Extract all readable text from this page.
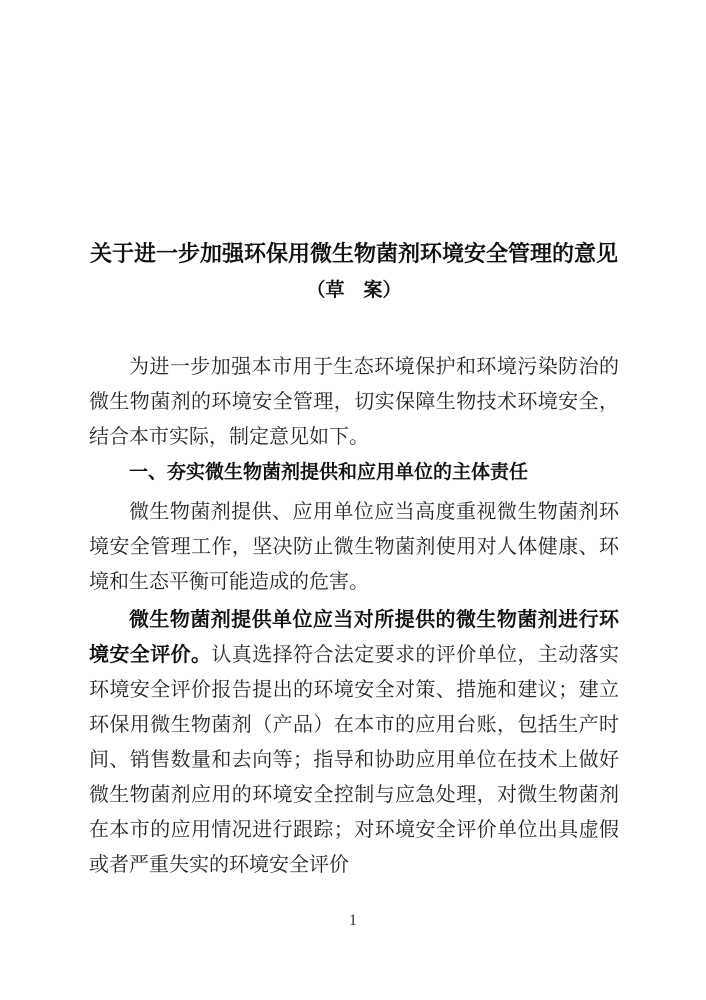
关于进一步加强环保用微生物菌剂环境安全管理的意见
（草　案）

为进一步加强本市用于生态环境保护和环境污染防治的微生物菌剂的环境安全管理，切实保障生物技术环境安全，结合本市实际，制定意见如下。

一、夯实微生物菌剂提供和应用单位的主体责任

微生物菌剂提供、应用单位应当高度重视微生物菌剂环境安全管理工作，坚决防止微生物菌剂使用对人体健康、环境和生态平衡可能造成的危害。

微生物菌剂提供单位应当对所提供的微生物菌剂进行环境安全评价。认真选择符合法定要求的评价单位，主动落实环境安全评价报告提出的环境安全对策、措施和建议；建立环保用微生物菌剂（产品）在本市的应用台账，包括生产时间、销售数量和去向等；指导和协助应用单位在技术上做好微生物菌剂应用的环境安全控制与应急处理，对微生物菌剂在本市的应用情况进行跟踪；对环境安全评价单位出具虚假或者严重失实的环境安全评价

1
